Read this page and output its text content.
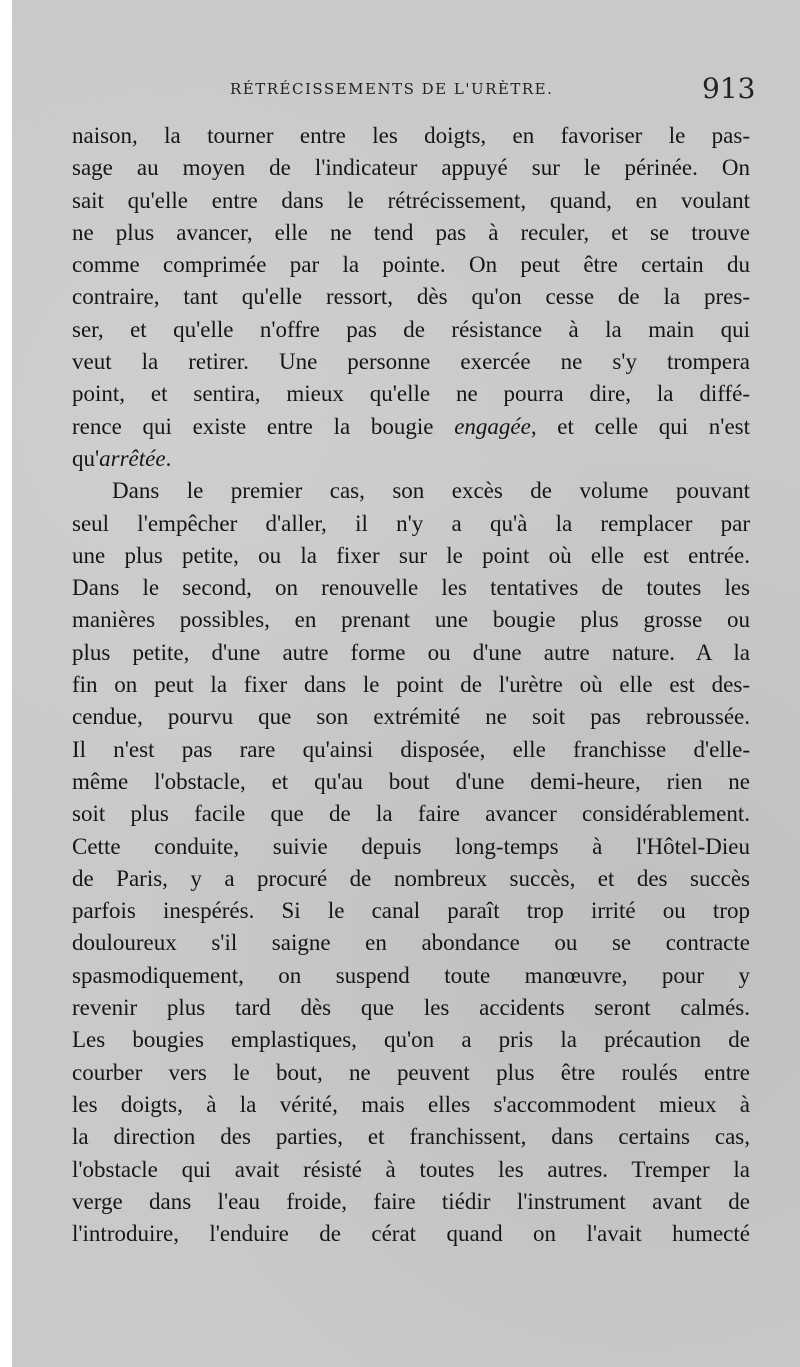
RÉTRÉCISSEMENTS DE L'URÈTRE.	913
naison, la tourner entre les doigts, en favoriser le pas-
sage au moyen de l'indicateur appuyé sur le périnée. On
sait qu'elle entre dans le rétrécissement, quand, en voulant
ne plus avancer, elle ne tend pas à reculer, et se trouve
comme comprimée par la pointe. On peut être certain du
contraire, tant qu'elle ressort, dès qu'on cesse de la pres-
ser, et qu'elle n'offre pas de résistance à la main qui
veut la retirer. Une personne exercée ne s'y trompera
point, et sentira, mieux qu'elle ne pourra dire, la diffé-
rence qui existe entre la bougie engagée, et celle qui n'est
qu'arrêtée.
Dans le premier cas, son excès de volume pouvant
seul l'empêcher d'aller, il n'y a qu'à la remplacer par
une plus petite, ou la fixer sur le point où elle est entrée.
Dans le second, on renouvelle les tentatives de toutes les
manières possibles, en prenant une bougie plus grosse ou
plus petite, d'une autre forme ou d'une autre nature. A la
fin on peut la fixer dans le point de l'urètre où elle est des-
cendue, pourvu que son extrémité ne soit pas rebroussée.
Il n'est pas rare qu'ainsi disposée, elle franchisse d'elle-
même l'obstacle, et qu'au bout d'une demi-heure, rien ne
soit plus facile que de la faire avancer considérablement.
Cette conduite, suivie depuis long-temps à l'Hôtel-Dieu
de Paris, y a procuré de nombreux succès, et des succès
parfois inespérés. Si le canal paraît trop irrité ou trop
douloureux s'il saigne en abondance ou se contracte
spasmodiquement, on suspend toute manœuvre, pour y
revenir plus tard dès que les accidents seront calmés.
Les bougies emplastiques, qu'on a pris la précaution de
courber vers le bout, ne peuvent plus être roulés entre
les doigts, à la vérité, mais elles s'accommodent mieux à
la direction des parties, et franchissent, dans certains cas,
l'obstacle qui avait résisté à toutes les autres. Tremper la
verge dans l'eau froide, faire tiédir l'instrument avant de
l'introduire, l'enduire de cérat quand on l'avait humecté
